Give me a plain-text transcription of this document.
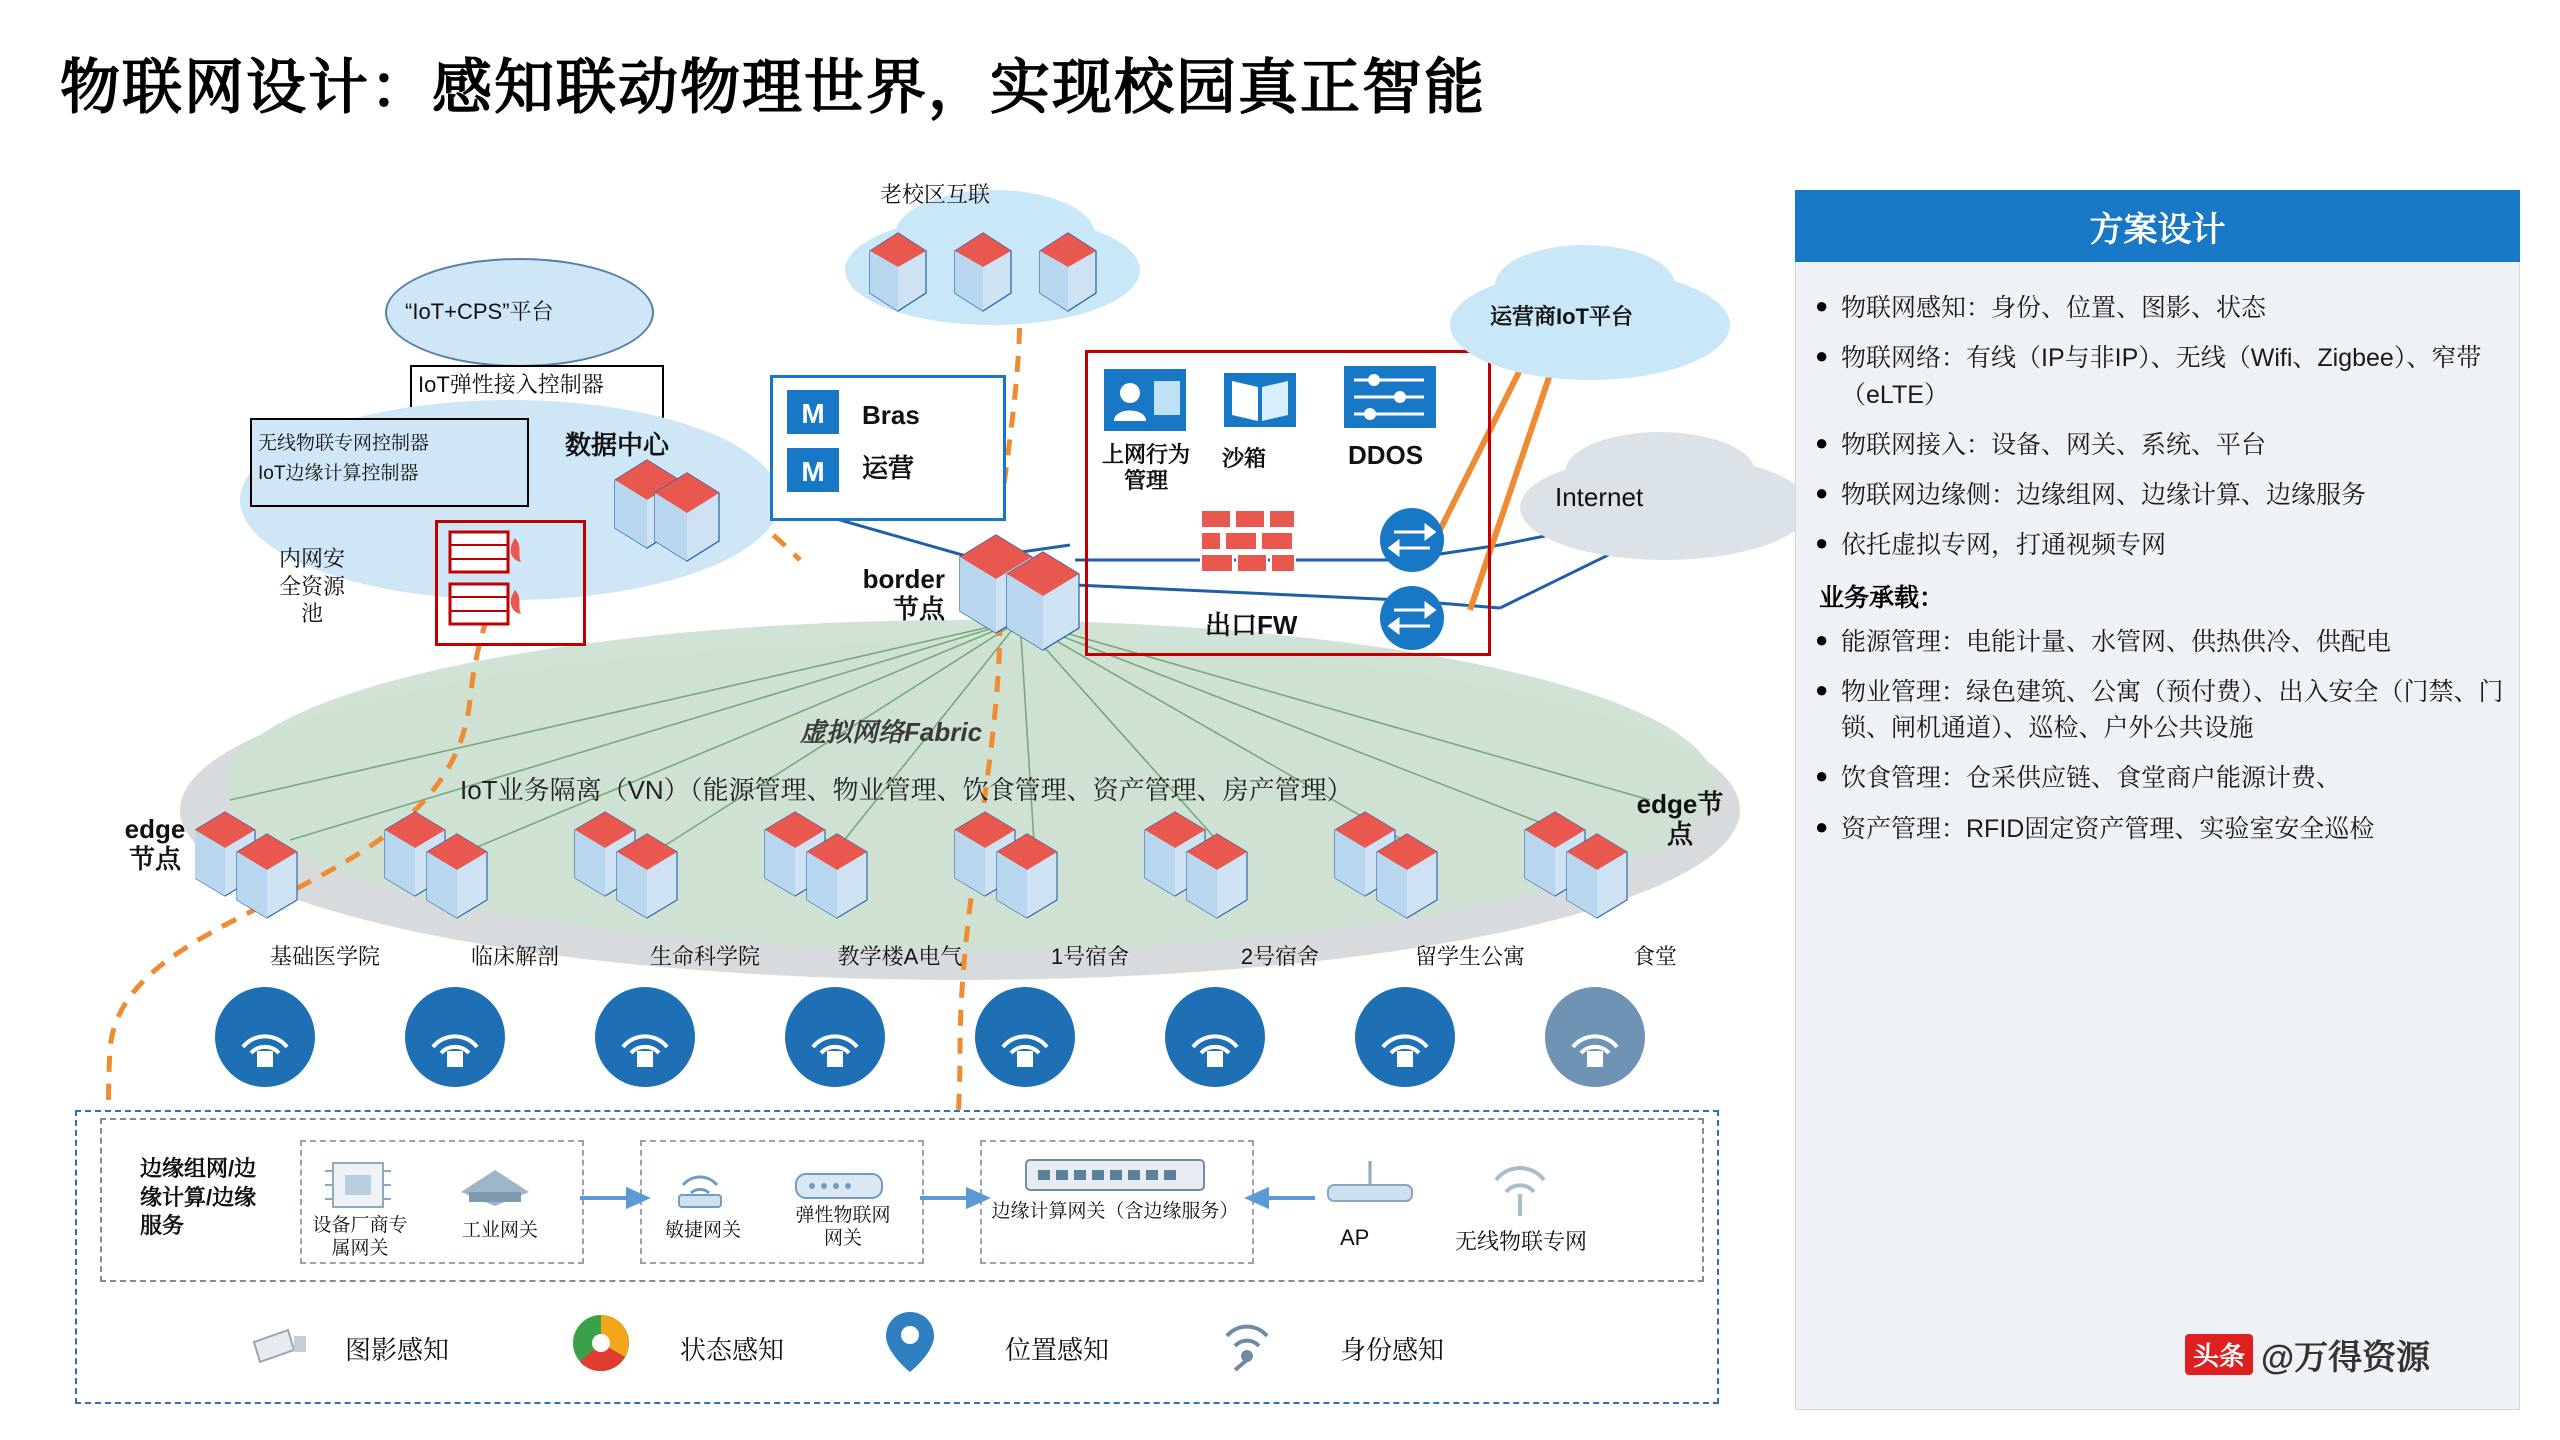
物联网设计：感知联动物理世界，实现校园真正智能
老校区互联
“IoT+CPS”平台
IoT弹性接入控制器
数据中心
无线物联专网控制器
IoT边缘计算控制器
内网安全资源池
M
M
Bras
运营
border节点
出口FW
上网行为管理
沙箱	DDOS
运营商IoT平台
Internet
虚拟网络Fabric
IoT业务隔离（VN）（能源管理、物业管理、饮食管理、资产管理、房产管理）
edge节点
edge节点
基础医学院	临床解剖	生命科学院	教学楼A电气	1号宿舍	2号宿舍	留学生公寓	食堂
边缘组网/边缘计算/边缘服务	设备厂商专属网关
工业网关	敏捷网关
弹性物联网网关
边缘计算网关（含边缘服务）
AP	无线物联专网
图影感知	状态感知	位置感知	身份感知
方案设计
● 物联网感知：身份、位置、图影、状态
● 物联网络：有线（IP与非IP）、无线（Wifi、Zigbee）、窄带（eLTE）
● 物联网接入：设备、网关、系统、平台
● 物联网边缘侧：边缘组网、边缘计算、边缘服务
● 依托虚拟专网，打通视频专网
业务承载：
● 能源管理：电能计量、水管网、供热供冷、供配电
● 物业管理：绿色建筑、公寓（预付费）、出入安全（门禁、门锁、闸机通道）、巡检、户外公共设施
● 饮食管理：仓采供应链、食堂商户能源计费、
● 资产管理：RFID固定资产管理、实验室安全巡检
头条 @万得资源
